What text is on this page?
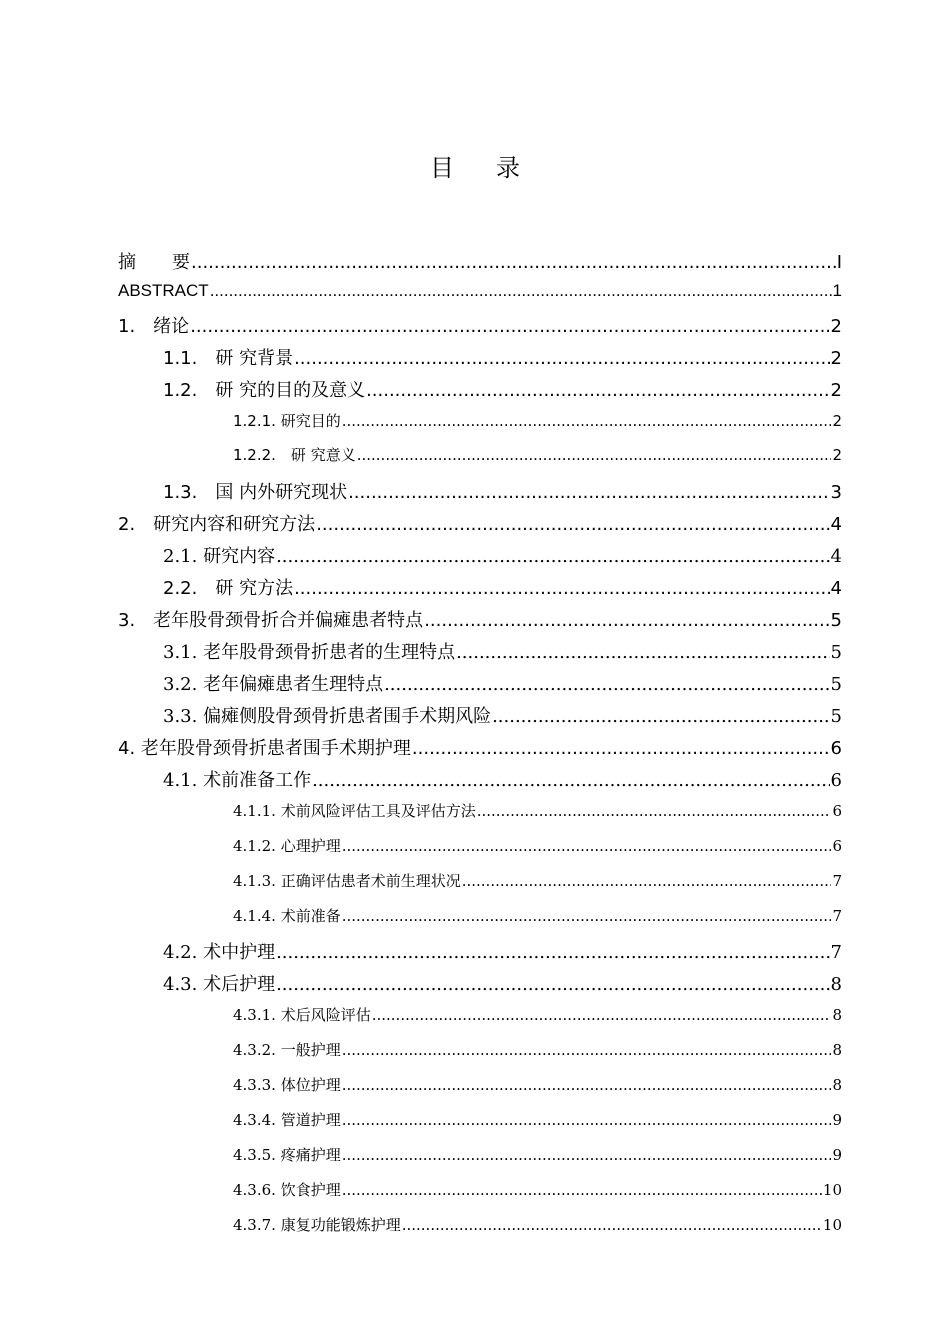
目 录
摘　　要 .....	I
ABSTRACT .....	1
1.　绪论 .....	2
1.1.　研 究背景 .....	2
1.2.　研 究的目的及意义 .....	2
1.2.1. 研究目的 .....	2
1.2.2.　研 究意义 .....	2
1.3.　国 内外研究现状 .....	3
2.　研究内容和研究方法 .....	4
2.1. 研究内容 .....	4
2.2.　研 究方法 .....	4
3.　老年股骨颈骨折合并偏瘫患者特点 .....	5
3.1. 老年股骨颈骨折患者的生理特点 .....	5
3.2. 老年偏瘫患者生理特点 .....	5
3.3. 偏瘫侧股骨颈骨折患者围手术期风险 .....	5
4. 老年股骨颈骨折患者围手术期护理 .....	6
4.1. 术前准备工作 .....	6
4.1.1. 术前风险评估工具及评估方法 .....	6
4.1.2. 心理护理 .....	6
4.1.3. 正确评估患者术前生理状况 .....	7
4.1.4. 术前准备 .....	7
4.2. 术中护理 .....	7
4.3. 术后护理 .....	8
4.3.1. 术后风险评估 .....	8
4.3.2. 一般护理 .....	8
4.3.3. 体位护理 .....	8
4.3.4. 管道护理 .....	9
4.3.5. 疼痛护理 .....	9
4.3.6. 饮食护理 .....	10
4.3.7. 康复功能锻炼护理 .....	10
